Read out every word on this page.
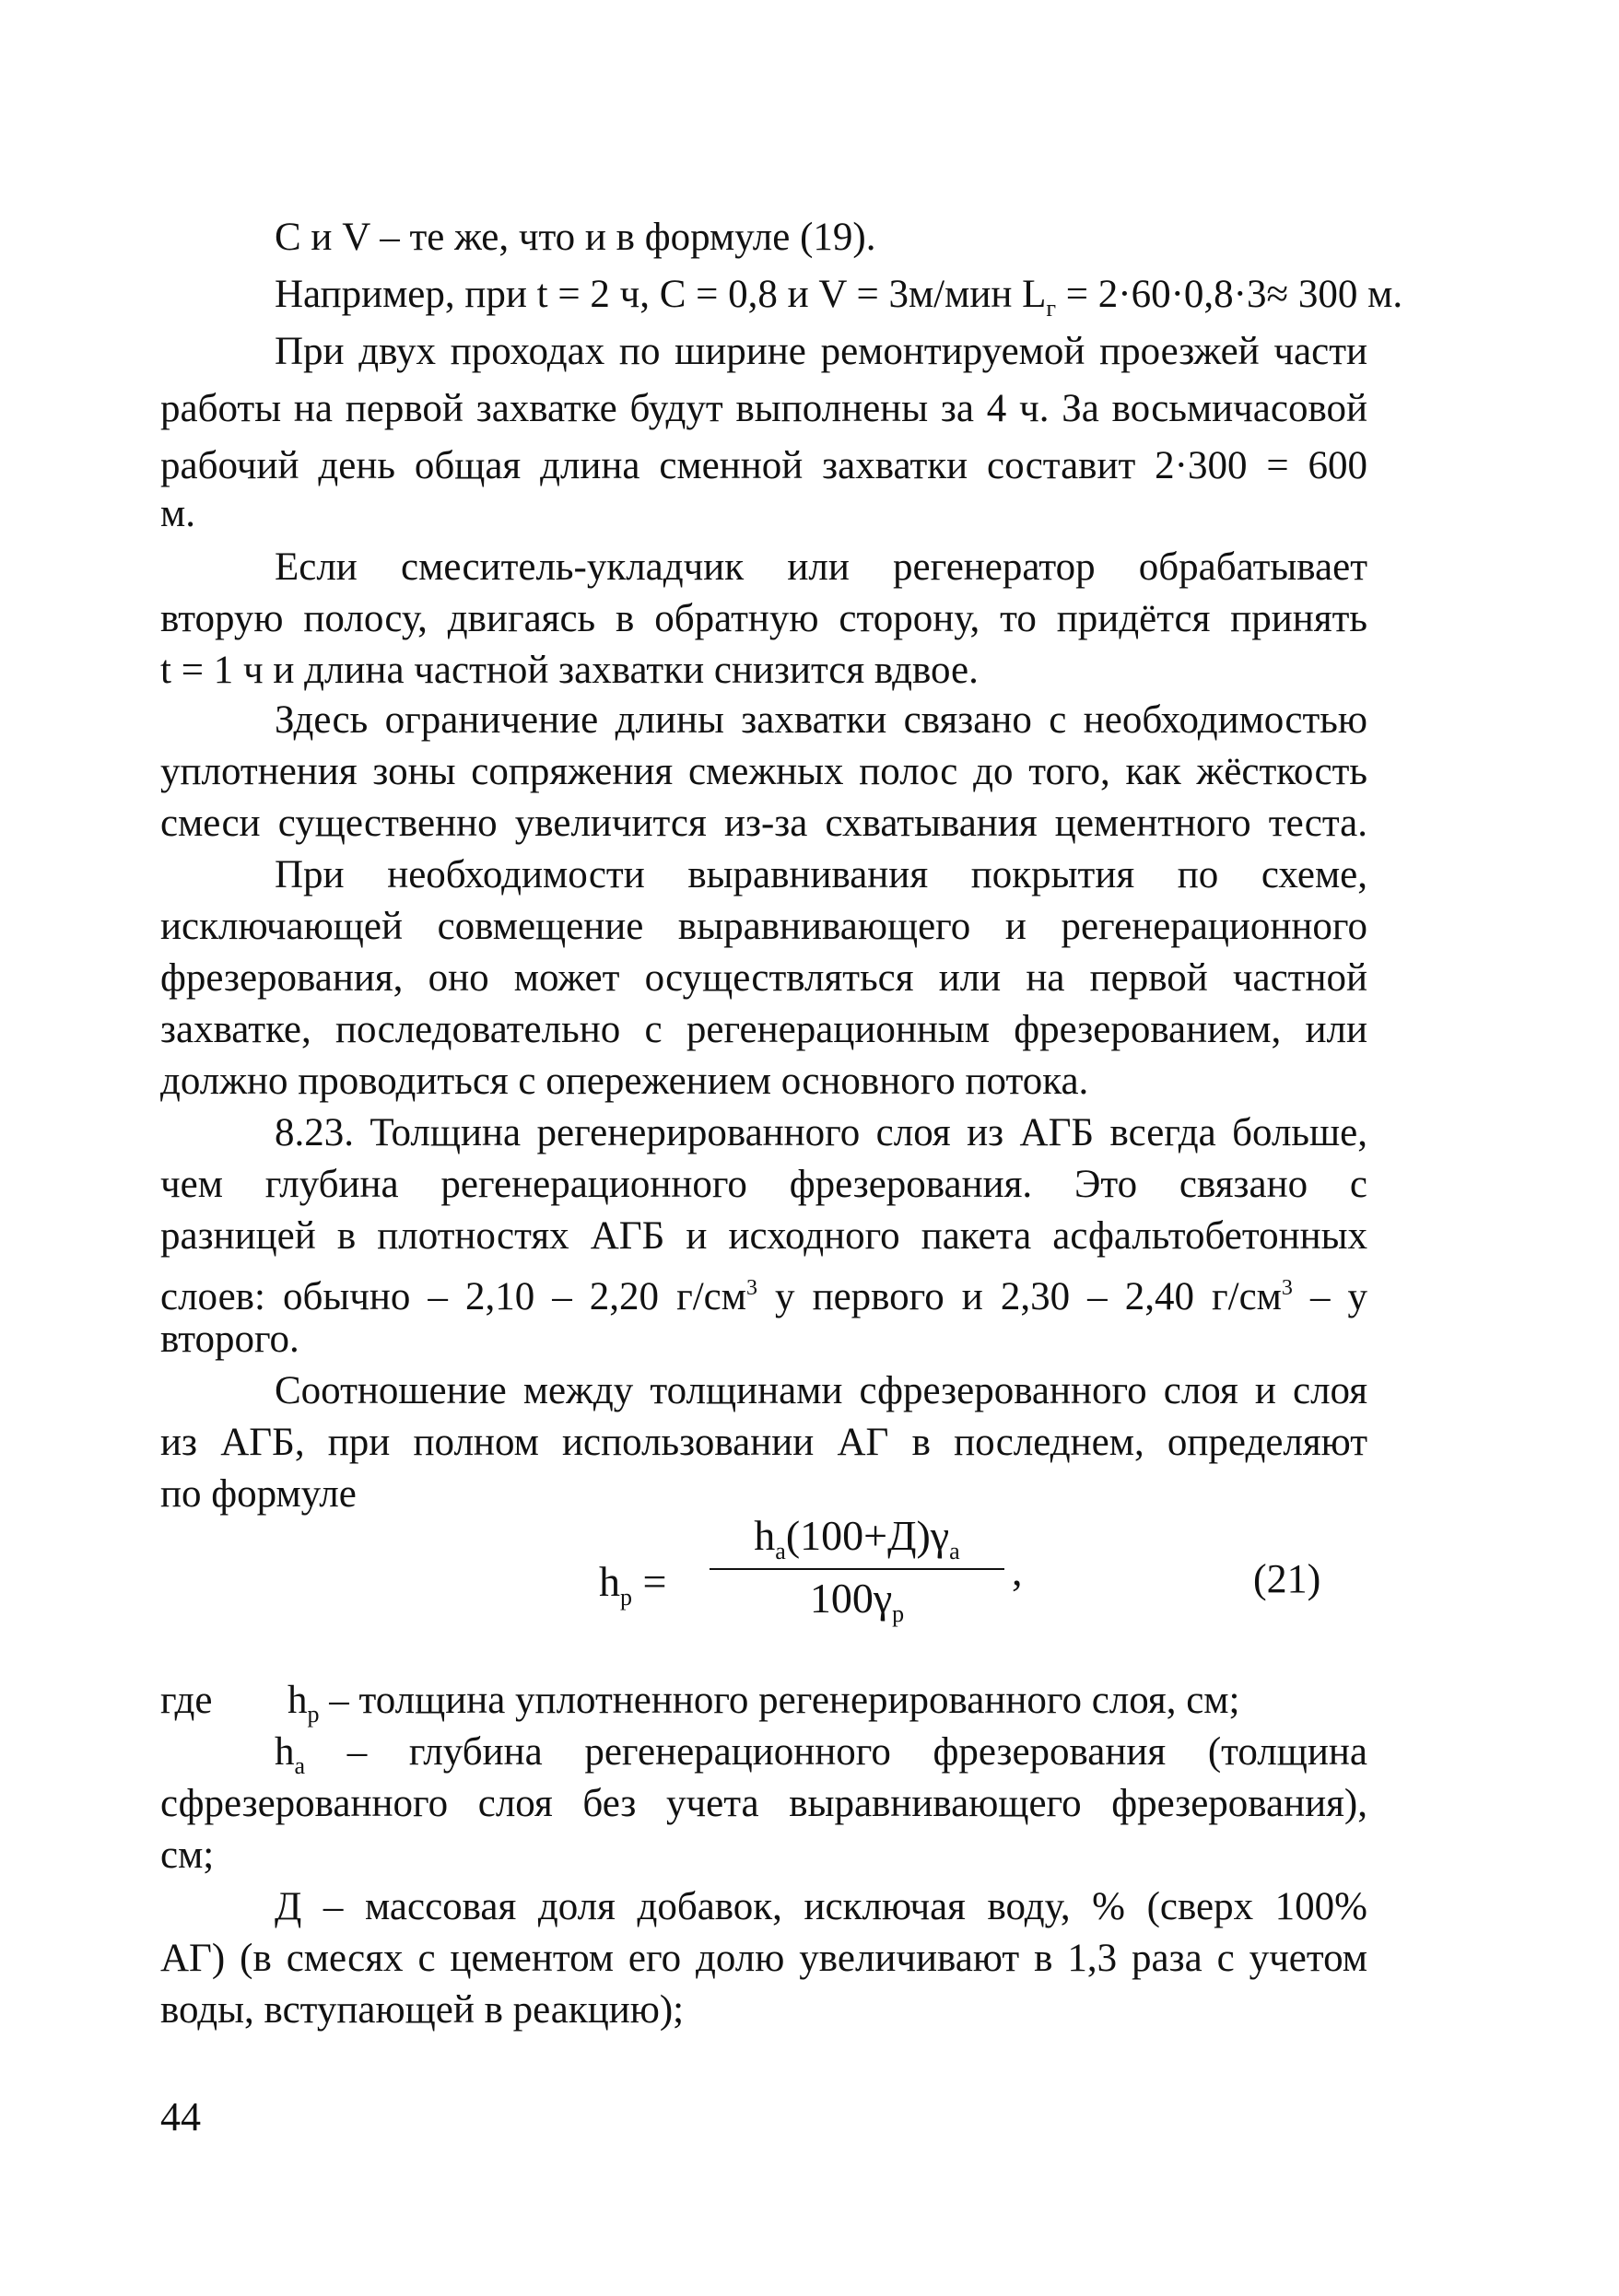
С и V – те же, что и в формуле (19).
Например, при t = 2 ч, С = 0,8 и V = 3м/мин $L_г = 2\cdot 60\cdot 0,8\cdot 3\approx 300$ м.
При двух проходах по ширине ремонтируемой проезжей части
работы на первой захватке будут выполнены за 4 ч. За восьмичасовой
рабочий день общая длина сменной захватки составит 2·300 = 600
м.
Если смеситель-укладчик или регенератор обрабатывает
вторую полосу, двигаясь в обратную сторону, то придётся принять
t = 1 ч и длина частной захватки снизится вдвое.
Здесь ограничение длины захватки связано с необходимостью
уплотнения зоны сопряжения смежных полос до того, как жёсткость
смеси существенно увеличится из-за схватывания цементного теста.
При необходимости выравнивания покрытия по схеме,
исключающей совмещение выравнивающего и регенерационного
фрезерования, оно может осуществляться или на первой частной
захватке, последовательно с регенерационным фрезерованием, или
должно проводиться с опережением основного потока.
8.23. Толщина регенерированного слоя из АГБ всегда больше,
чем глубина регенерационного фрезерования. Это связано с
разницей в плотностях АГБ и исходного пакета асфальтобетонных
слоев: обычно – 2,10 – 2,20 $г/см^3$ у первого и 2,30 – 2,40 $г/см^3$ – у
второго.
Соотношение между толщинами сфрезерованного слоя и слоя
из АГБ, при полном использовании АГ в последнем, определяют
по формуле
$h_р$ =
$h_а(100+Д)\gamma_а$
$100\gamma_р$
,	(21)
где $h_р$ – толщина уплотненного регенерированного слоя, см;
$h_а$ – глубина регенерационного фрезерования (толщина
сфрезерованного слоя без учета выравнивающего фрезерования),
см;
Д – массовая доля добавок, исключая воду, % (сверх 100%
АГ) (в смесях с цементом его долю увеличивают в 1,3 раза с учетом
воды, вступающей в реакцию);
44
